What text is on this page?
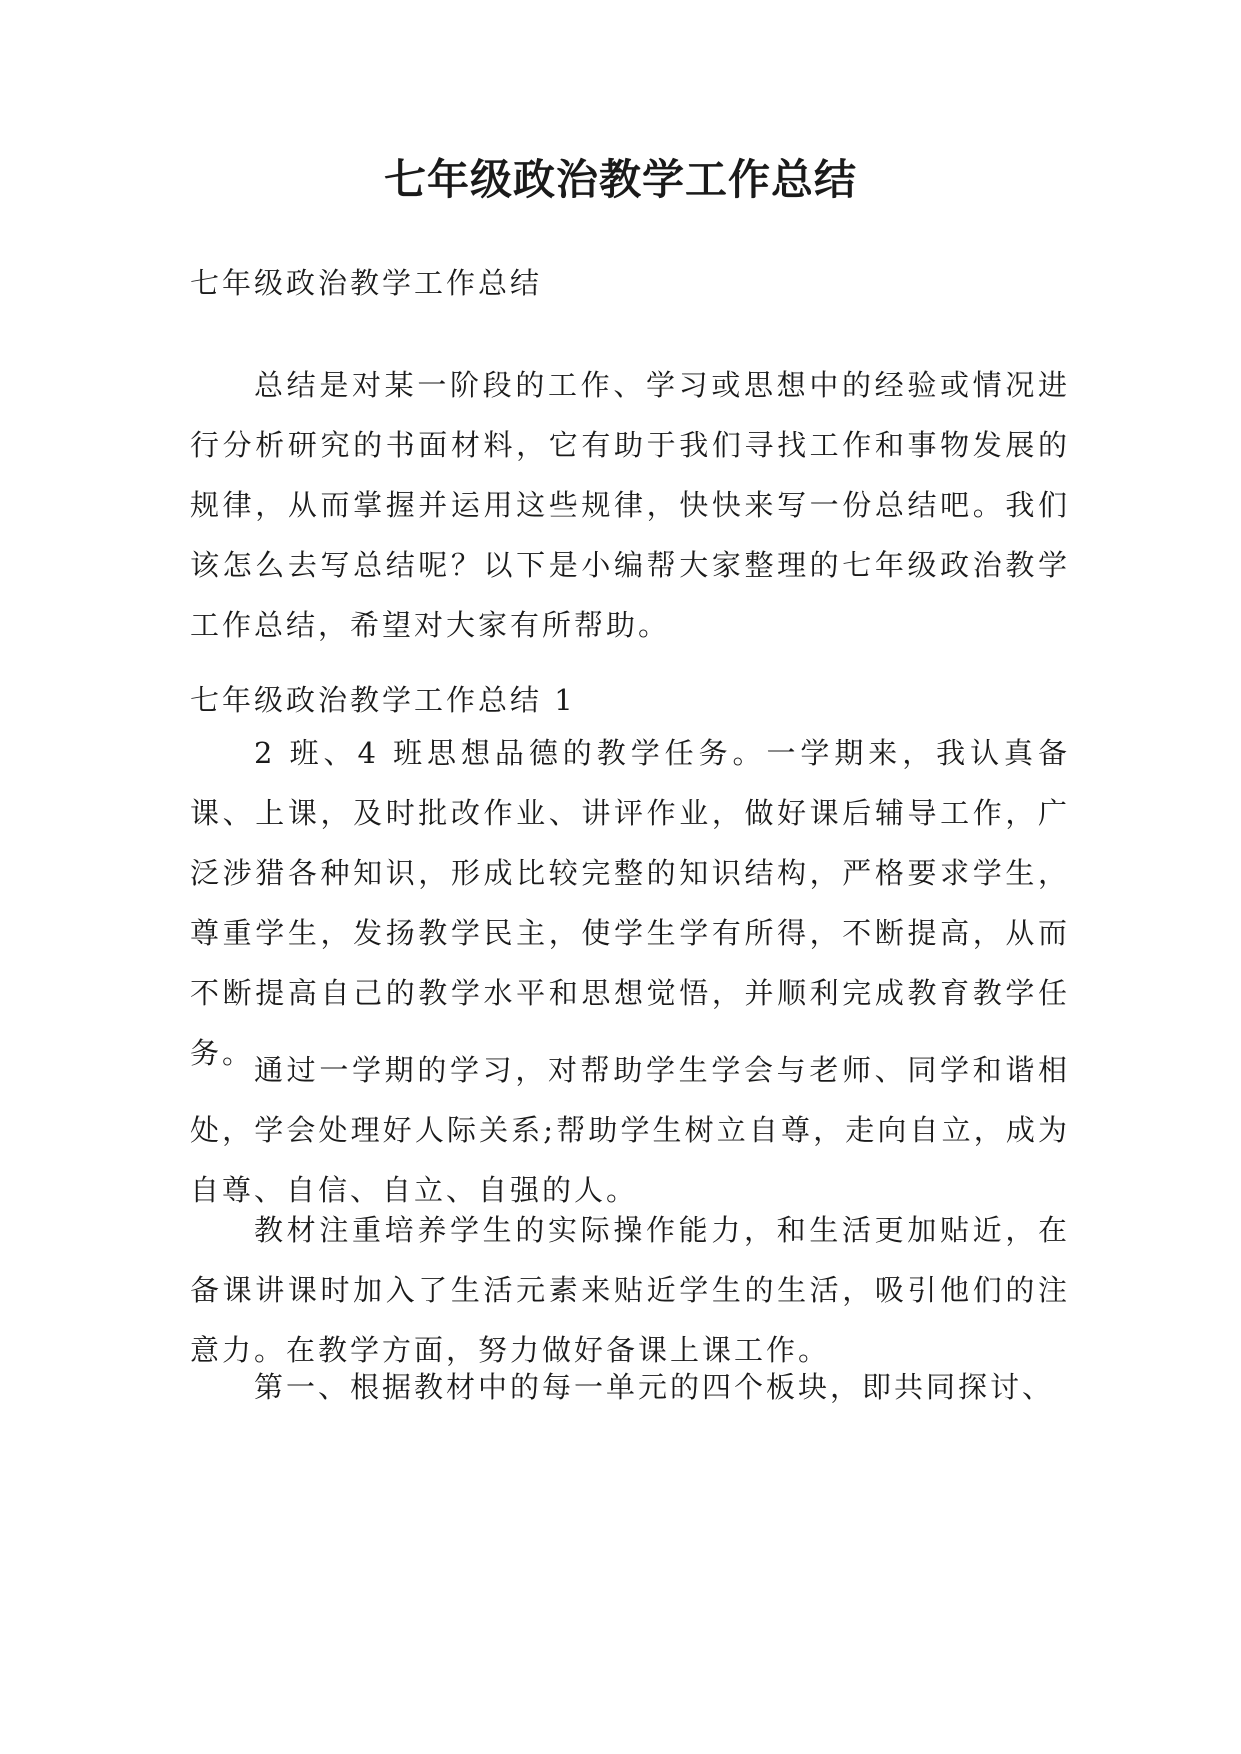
七年级政治教学工作总结

七年级政治教学工作总结

总结是对某一阶段的工作、学习或思想中的经验或情况进行分析研究的书面材料，它有助于我们寻找工作和事物发展的规律，从而掌握并运用这些规律，快快来写一份总结吧。我们该怎么去写总结呢？以下是小编帮大家整理的七年级政治教学工作总结，希望对大家有所帮助。

七年级政治教学工作总结 1

2 班、4 班思想品德的教学任务。一学期来，我认真备课、上课，及时批改作业、讲评作业，做好课后辅导工作，广泛涉猎各种知识，形成比较完整的知识结构，严格要求学生，尊重学生，发扬教学民主，使学生学有所得，不断提高，从而不断提高自己的教学水平和思想觉悟，并顺利完成教育教学任务。 通过一学期的学习，对帮助学生学会与老师、同学和谐相处，学会处理好人际关系;帮助学生树立自尊，走向自立，成为自尊、自信、自立、自强的人。

教材注重培养学生的实际操作能力，和生活更加贴近，在备课讲课时加入了生活元素来贴近学生的生活，吸引他们的注意力。在教学方面，努力做好备课上课工作。

第一、根据教材中的每一单元的四个板块，即共同探讨、
